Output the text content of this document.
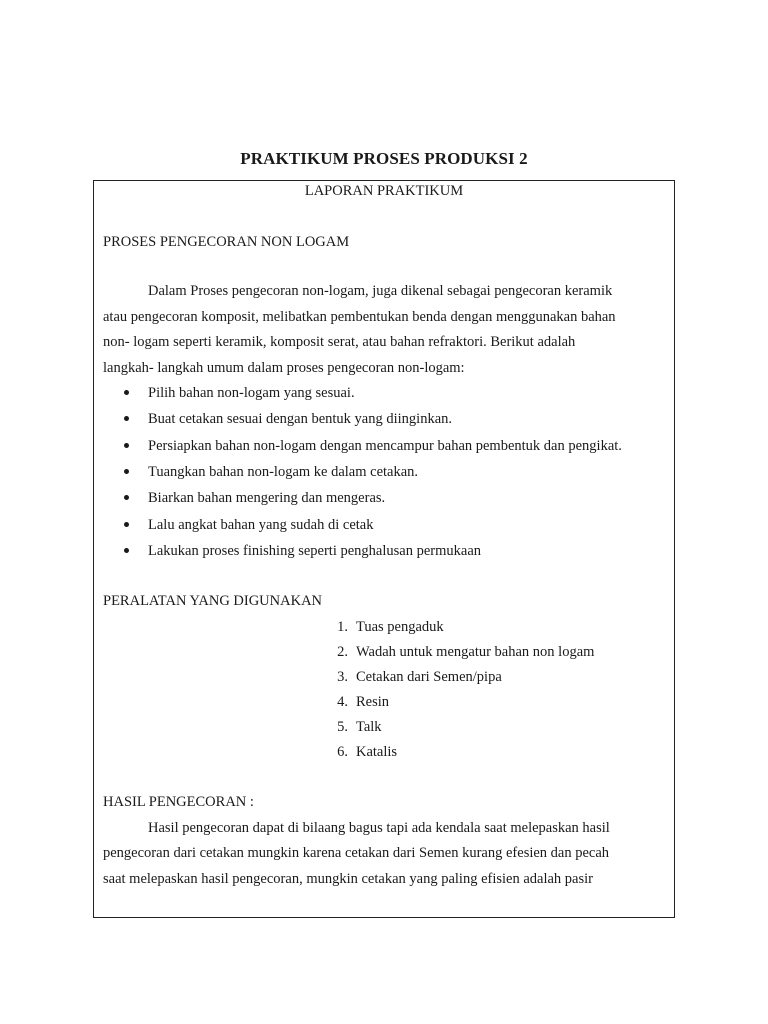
PRAKTIKUM PROSES PRODUKSI 2
LAPORAN PRAKTIKUM
PROSES PENGECORAN NON LOGAM
Dalam Proses pengecoran non-logam, juga dikenal sebagai pengecoran keramik
atau pengecoran komposit, melibatkan pembentukan benda dengan menggunakan bahan
non- logam seperti keramik, komposit serat, atau bahan refraktori. Berikut adalah
langkah- langkah umum dalam proses pengecoran non-logam:
Pilih bahan non-logam yang sesuai.
Buat cetakan sesuai dengan bentuk yang diinginkan.
Persiapkan bahan non-logam dengan mencampur bahan pembentuk dan pengikat.
Tuangkan bahan non-logam ke dalam cetakan.
Biarkan bahan mengering dan mengeras.
Lalu angkat bahan yang sudah di cetak
Lakukan proses finishing seperti penghalusan permukaan
PERALATAN YANG DIGUNAKAN
1. Tuas pengaduk
2. Wadah untuk mengatur bahan non logam
3. Cetakan dari Semen/pipa
4. Resin
5. Talk
6. Katalis
HASIL PENGECORAN :
Hasil pengecoran dapat di bilaang bagus tapi ada kendala saat melepaskan hasil
pengecoran dari cetakan mungkin karena cetakan dari Semen kurang efesien dan pecah
saat melepaskan hasil pengecoran, mungkin cetakan yang paling efisien adalah pasir
